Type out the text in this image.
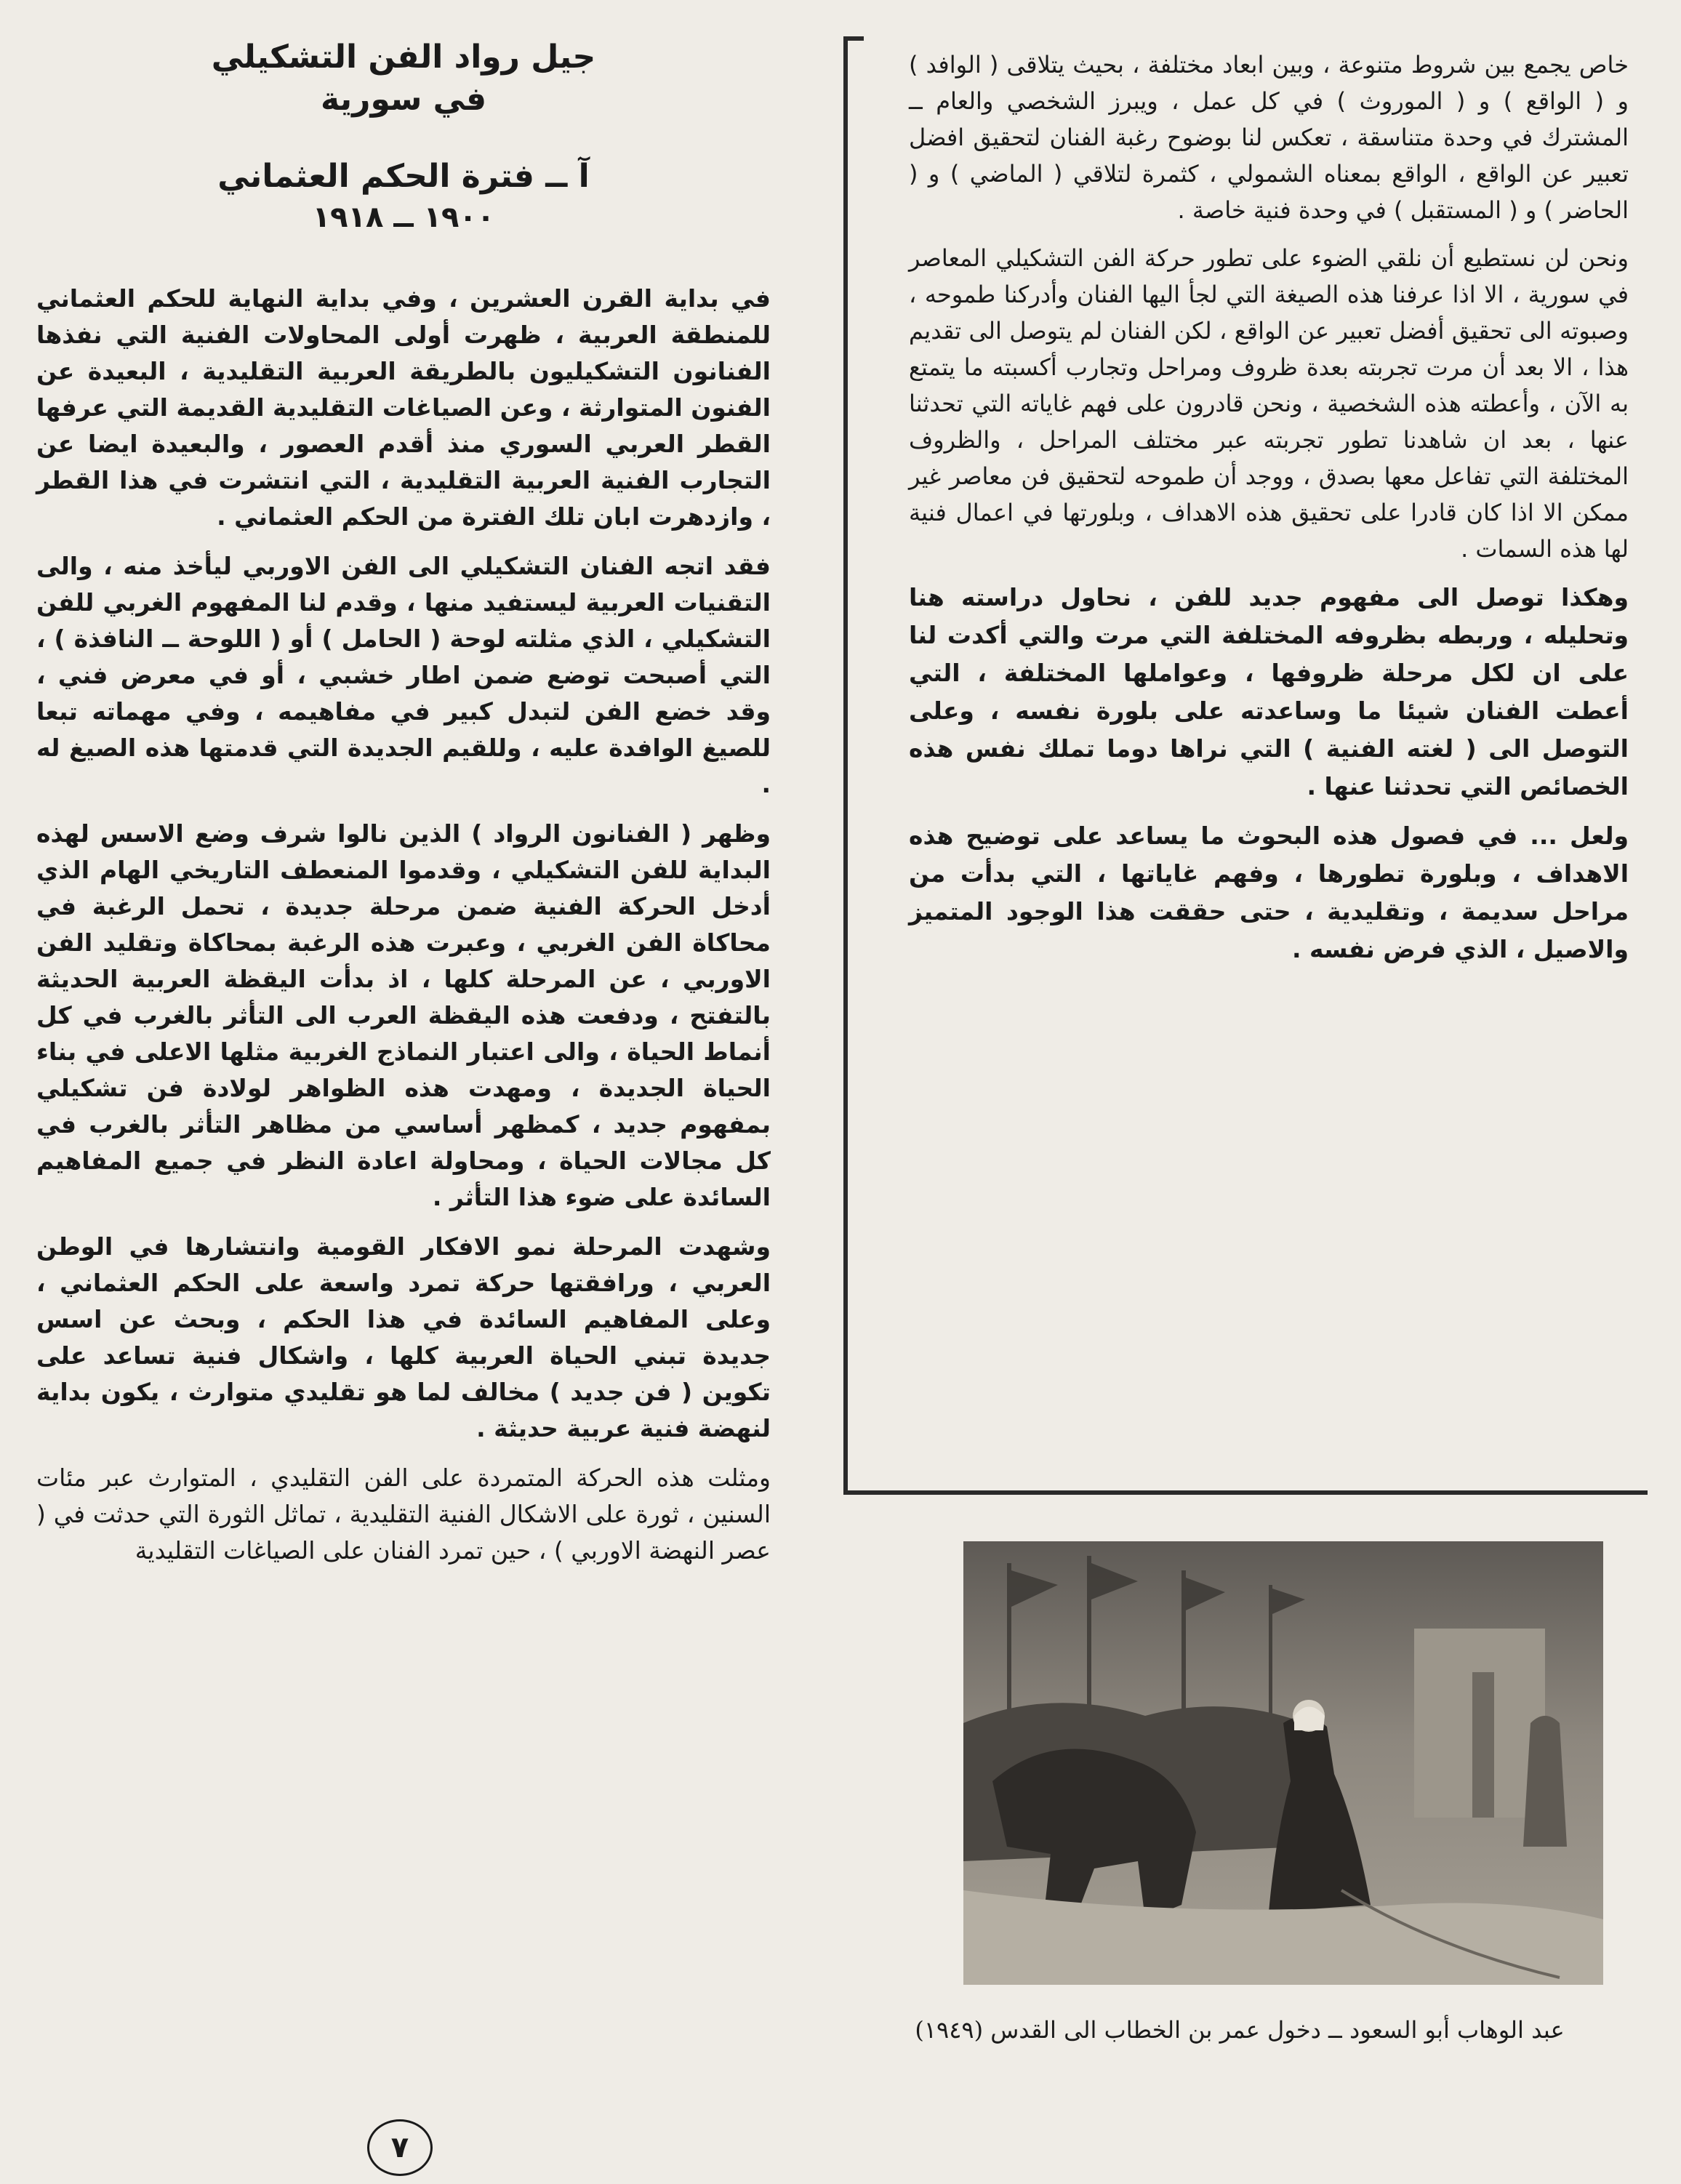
جيل رواد الفن التشكيلي

في سورية

آ ــ فترة الحكم العثماني

١٩٠٠ ــ ١٩١٨

في بداية القرن العشرين ، وفي بداية النهاية للحكم العثماني للمنطقة العربية ، ظهرت أولى المحاولات الفنية التي نفذها الفنانون التشكيليون بالطريقة العربية التقليدية ، البعيدة عن الفنون المتوارثة ، وعن الصياغات التقليدية القديمة التي عرفها القطر العربي السوري منذ أقدم العصور ، والبعيدة ايضا عن التجارب الفنية العربية التقليدية ، التي انتشرت في هذا القطر ، وازدهرت ابان تلك الفترة من الحكم العثماني .

فقد اتجه الفنان التشكيلي الى الفن الاوربي ليأخذ منه ، والى التقنيات العربية ليستفيد منها ، وقدم لنا المفهوم الغربي للفن التشكيلي ، الذي مثلته لوحة ( الحامل ) أو ( اللوحة ــ النافذة ) ، التي أصبحت توضع ضمن اطار خشبي ، أو في معرض فني ، وقد خضع الفن لتبدل كبير في مفاهيمه ، وفي مهماته تبعا للصيغ الوافدة عليه ، وللقيم الجديدة التي قدمتها هذه الصيغ له .

وظهر ( الفنانون الرواد ) الذين نالوا شرف وضع الاسس لهذه البداية للفن التشكيلي ، وقدموا المنعطف التاريخي الهام الذي أدخل الحركة الفنية ضمن مرحلة جديدة ، تحمل الرغبة في محاكاة الفن الغربي ، وعبرت هذه الرغبة بمحاكاة وتقليد الفن الاوربي ، عن المرحلة كلها ، اذ بدأت اليقظة العربية الحديثة بالتفتح ، ودفعت هذه اليقظة العرب الى التأثر بالغرب في كل أنماط الحياة ، والى اعتبار النماذج الغربية مثلها الاعلى في بناء الحياة الجديدة ، ومهدت هذه الظواهر لولادة فن تشكيلي بمفهوم جديد ، كمظهر أساسي من مظاهر التأثر بالغرب في كل مجالات الحياة ، ومحاولة اعادة النظر في جميع المفاهيم السائدة على ضوء هذا التأثر .

وشهدت المرحلة نمو الافكار القومية وانتشارها في الوطن العربي ، ورافقتها حركة تمرد واسعة على الحكم العثماني ، وعلى المفاهيم السائدة في هذا الحكم ، وبحث عن اسس جديدة تبني الحياة العربية كلها ، واشكال فنية تساعد على تكوين ( فن جديد ) مخالف لما هو تقليدي متوارث ، يكون بداية لنهضة فنية عربية حديثة .

ومثلت هذه الحركة المتمردة على الفن التقليدي ، المتوارث عبر مئات السنين ، ثورة على الاشكال الفنية التقليدية ، تماثل الثورة التي حدثت في ( عصر النهضة الاوربي ) ، حين تمرد الفنان على الصياغات التقليدية

خاص يجمع بين شروط متنوعة ، وبين ابعاد مختلفة ، بحيث يتلاقى ( الوافد ) و ( الواقع ) و ( الموروث ) في كل عمل ، ويبرز الشخصي والعام ــ المشترك في وحدة متناسقة ، تعكس لنا بوضوح رغبة الفنان لتحقيق افضل تعبير عن الواقع ، الواقع بمعناه الشمولي ، كثمرة لتلاقي ( الماضي ) و ( الحاضر ) و ( المستقبل ) في وحدة فنية خاصة .

ونحن لن نستطيع أن نلقي الضوء على تطور حركة الفن التشكيلي المعاصر في سورية ، الا اذا عرفنا هذه الصيغة التي لجأ اليها الفنان وأدركنا طموحه ، وصبوته الى تحقيق أفضل تعبير عن الواقع ، لكن الفنان لم يتوصل الى تقديم هذا ، الا بعد أن مرت تجربته بعدة ظروف ومراحل وتجارب أكسبته ما يتمتع به الآن ، وأعطته هذه الشخصية ، ونحن قادرون على فهم غاياته التي تحدثنا عنها ، بعد ان شاهدنا تطور تجربته عبر مختلف المراحل ، والظروف المختلفة التي تفاعل معها بصدق ، ووجد أن طموحه لتحقيق فن معاصر غير ممكن الا اذا كان قادرا على تحقيق هذه الاهداف ، وبلورتها في اعمال فنية لها هذه السمات .

وهكذا توصل الى مفهوم جديد للفن ، نحاول دراسته هنا وتحليله ، وربطه بظروفه المختلفة التي مرت والتي أكدت لنا على ان لكل مرحلة ظروفها ، وعواملها المختلفة ، التي أعطت الفنان شيئا ما وساعدته على بلورة نفسه ، وعلى التوصل الى ( لغته الفنية ) التي نراها دوما تملك نفس هذه الخصائص التي تحدثنا عنها .

ولعل ... في فصول هذه البحوث ما يساعد على توضيح هذه الاهداف ، وبلورة تطورها ، وفهم غاياتها ، التي بدأت من مراحل سديمة ، وتقليدية ، حتى حققت هذا الوجود المتميز والاصيل ، الذي فرض نفسه .

عبد الوهاب أبو السعود ــ دخول عمر بن الخطاب الى القدس (١٩٤٩)
٧
